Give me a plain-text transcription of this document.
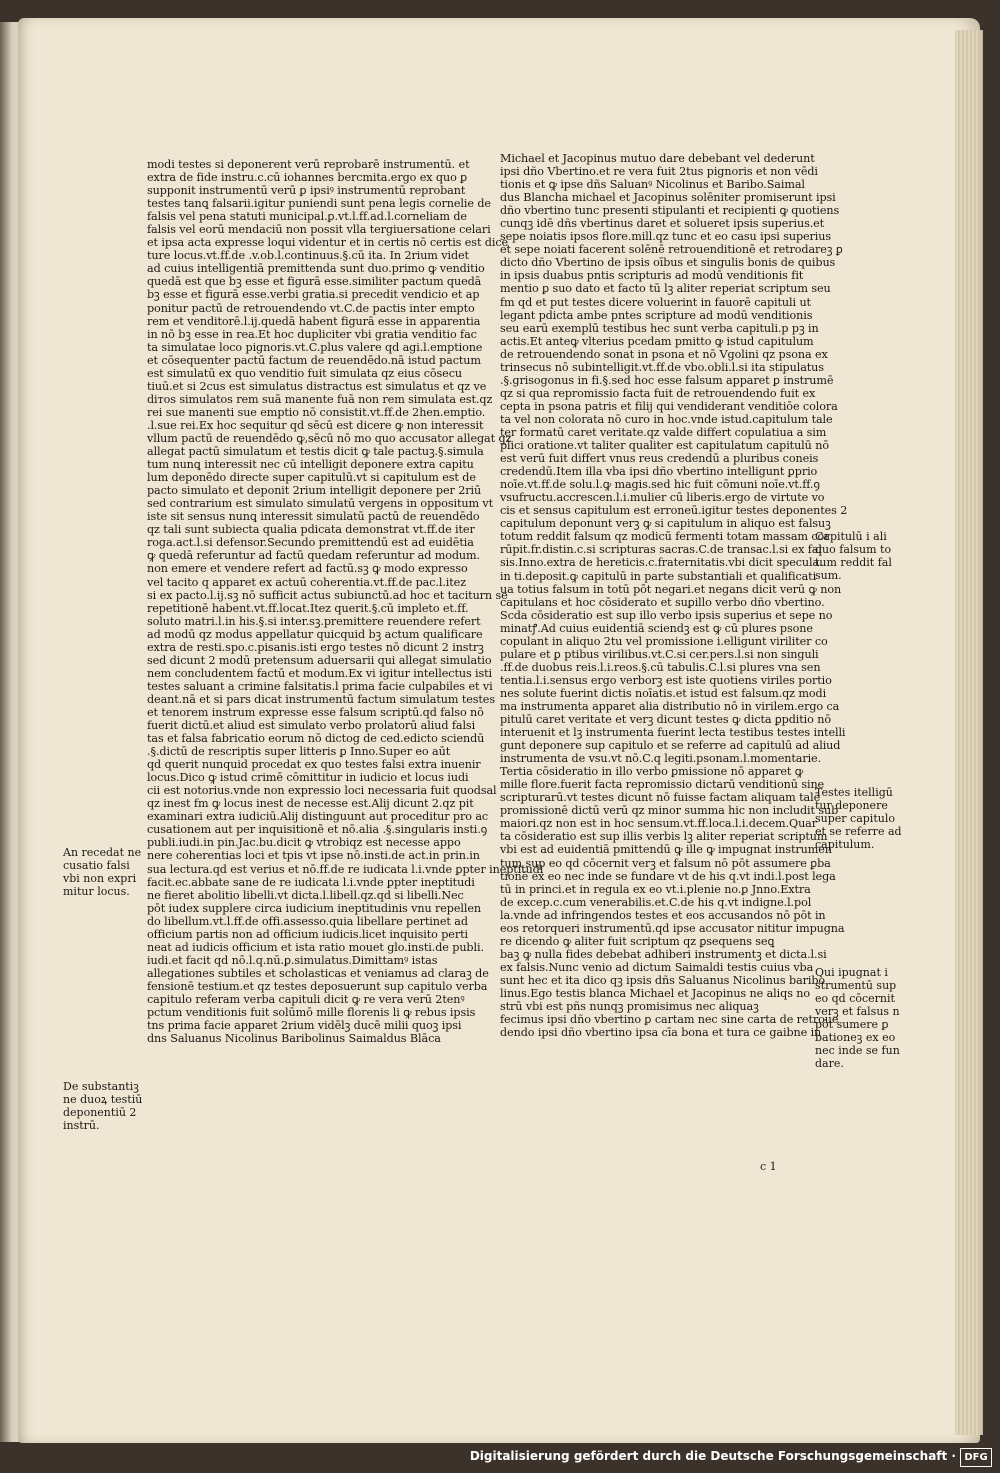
modi testes si deponerent verū reprobarē instrumentū. et
extra de fide instru.c.cū iohannes bercmita.ergo ex quo ꝑ
supponit instrumentū verū ꝑ ipsiꝰ instrumentū reprobant
testes tanꝗ falsarii.igitur puniendi sunt pena legis cornelie de
falsis vel pena statuti municipal.ꝑ.vt.l.ff.ad.l.corneliam de
falsis vel eorū mendaciū non possit vlla tergiuersatione celari
et ipsa acta expresse loqui videntur et in certis nō certis est dice
ture locus.vt.ff.de .v.ob.l.continuus.§.cū ita. In 2rium videt
ad cuius intelligentiā premittenda sunt duo.primo ꝙ venditio
quedā est que bꝫ esse et figurā esse.similiter pactum quedā
bꝫ esse et figurā esse.verbi gratia.si precedit vendicio et ap
ponitur pactū de retrouendendo vt.C.de pactis inter empto
rem et venditorē.l.ij.quedā habent figurā esse in apparentia
in nō bꝫ esse in rea.Et hoc dupliciter vbi gratia venditio fac
ta simulatae loco pignoris.vt.C.plus valere qd agi.l.emptione
et cōsequenter pactū factum de reuendēdo.nā istud pactum
est simulatū ex quo venditio fuit simulata qz eius cōsecu
tiuū.et si 2cus est simulatus distractus est simulatus et qz ve
diтos simulatos rem suā manente fuā non rem simulata est.qz
rei sue manenti sue emptio nō consistit.vt.ff.de 2hen.emptio.
.l.sue rei.Ex hoc sequitur qd sēcū est dicere ꝙ non interessit
vllum pactū de reuendēdo ꝙ,sēcū nō mo quo accusator allegat qz
allegat pactū simulatum et testis dicit ꝙ tale pactuꝫ.§.simula
tum nunꝗ interessit nec cū intelligit deponere extra capitu
lum deponēdo directe super capitulū.vt si capitulum est de
pacto simulato et deponit 2rium intelligit deponere per 2riū
sed contrarium est simulato simulatū vergens in oppositum vt
iste sit sensus nunꝗ interessit simulatū pactū de reuendēdo
qz tali sunt subiecta qualia pdicata demonstrat vt.ff.de iter
roga.act.l.si defensor.Secundo premittendū est ad euidētia
ꝙ quedā referuntur ad factū quedam referuntur ad modum.
non emere et vendere refert ad factū.sꝫ ꝙ modo expresso
vel tacito q apparet ex actuū coherentia.vt.ff.de pac.l.itez
si ex pacto.l.ij.sꝫ nō sufficit actus subiunctū.ad hoc et taciturn se
repetitionē habent.vt.ff.locat.Itez querit.§.cū impleto et.ff.
soluto matri.l.in his.§.si inter.sꝫ.premittere reuendere refert
ad modū qz modus appellatur quicquid bꝫ actum qualificare
extra de resti.spo.c.pisanis.isti ergo testes nō dicunt 2 instrꝫ
sed dicunt 2 modū pretensum aduersarii qui allegat simulatio
nem concludentem factū et modum.Ex vi igitur intellectus isti
testes saluant a crimine falsitatis.l prima facie culpabiles et vi
deant.nā et si pars dicat instrumentū factum simulatum testes
et tenorem instrum expresse esse falsum scriptū.qd falso nō
fuerit dictū.et aliud est simulato verbo prolatorū aliud falsi
tas et falsa fabricatio eorum nō dictog de ced.edicto sciendū
.§.dictū de rescriptis super litteris ꝑ Inno.Super eo aūt
qd querit nunquid procedat ex quo testes falsi extra inuenir
locus.Dico ꝙ istud crimē cōmittitur in iudicio et locus iudi
cii est notorius.vnde non expressio loci necessaria fuit quodsal
qz inest fm ꝙ locus inest de necesse est.Alij dicunt 2.qz pit
examinari extra iudiciū.Alij distinguunt aut proceditur pro ac
cusationem aut per inquisitionē et nō.alia .§.singularis insti.ꝯ
publi.iudi.in pin.Jac.bu.dicit ꝙ vtrobiqz est necesse appo
nere coherentias loci et tpis vt ipse nō.insti.de act.in prin.in
sua lectura.qd est verius et nō.ff.de re iudicata l.i.vnde ꝑpter ineptitudi
facit.ec.abbate sane de re iudicata l.i.vnde ꝑpter ineptitudi
ne fieret abolitio libelli.vt dicta.l.libell.qz.qd si libelli.Nec
pōt iudex supplere circa iudicium ineptitudinis vnu repellen
do libellum.vt.l.ff.de offi.assesso.quia libellare pertinet ad
officium partis non ad officium iudicis.licet inquisito perti
neat ad iudicis officium et ista ratio mouet glo.insti.de publi.
iudi.et facit qd nō.l.q.nū.ꝑ.simulatus.Dimittamꝰ istas
allegationes subtiles et scholasticas et veniamus ad claraꝫ de
fensionē testium.et qz testes deposuerunt sup capitulo verba
capitulo referam verba capituli dicit ꝙ re vera verū 2tenꝰ
pctum venditionis fuit solūmō mille florenis li ꝙ rebus ipsis
tns prima facie apparet 2rium vidēlꝫ ducē milii quoꝫ ipsi
dns Saluanus Nicolinus Baribolinus Saimaldus Blāca
Michael et Jacopinus mutuo dare debebant vel dederunt
ipsi dño Vbertino.et re vera fuit 2tus pignoris et non vēdi
tionis et ꝙ ipse dñs Saluanꝰ Nicolinus et Baribo.Saimal
dus Blancha michael et Jacopinus solēniter promiserunt ipsi
dño vbertino tunc presenti stipulanti et recipienti ꝙ quotiens
cunqꝫ idē dñs vbertinus daret et solueret ipsis superius.et
sepe noiatis ipsos flore.mill.qz tunc et eo casu ipsi superius
et sepe noiati facerent solēnē retrouenditionē et retrodareꝫ ꝑ
dicto dño Vbertino de ipsis oībus et singulis bonis de quibus
in ipsis duabus pntis scripturis ad modū venditionis fit
mentio ꝑ suo dato et facto tū lꝫ aliter reperiat scriptum seu
fm qd et put testes dicere voluerint in fauorē capituli ut
legant pdicta ambe pntes scripture ad modū venditionis
seu earū exemplū testibus hec sunt verba capituli.p pꝫ in
actis.Et anteꝙ vlterius pcedam pmitto ꝙ istud capitulum
de retrouendendo sonat in psona et nō Vgolini qz psona ex
trinsecus nō subintelligit.vt.ff.de vbo.obli.l.si ita stipulatus
.§.grisogonus in fi.§.sed hoc esse falsum apparet ꝑ instrumē
qz si qua repromissio facta fuit de retrouendendo fuit ex
cepta in psona patris et filij qui vendiderant venditiōe colora
ta vel non colorata nō curo in hoc.vnde istud.capitulum tale
ter formatū caret veritate.qz valde differt copulatiua a sim
plici oratione.vt taliter qualiter est capitulatum capitulū nō
est verū fuit differt vnus reus credendū a pluribus coneis
credendū.Item illa vba ipsi dño vbertino intelligunt ꝑprio
noīe.vt.ff.de solu.l.ꝙ magis.sed hic fuit cōmuni noīe.vt.ff.ꝯ
vsufructu.accrescen.l.i.mulier cū liberis.ergo de virtute vo
cis et sensus capitulum est erroneū.igitur testes deponentes 2
capitulum deponunt verꝫ ꝙ si capitulum in aliquo est falsuꝫ
totum reddit falsum qz modicū fermenti totam massam cor
rūpit.fr.distin.c.si scripturas sacras.C.de transac.l.si ex fal
sis.Inno.extra de hereticis.c.fraternitatis.vbi dicit specula.
in ti.deposit.ꝙ capitulū in parte substantiali et qualificati
ua totius falsum in totū pōt negari.et negans dicit verū ꝙ non
capitulans et hoc cōsiderato et suꝑillo verbo dño vbertino.
Scda cōsideratio est sup illo verbo ipsis superius et sepe no
minatꝭ.Ad cuius euidentiā sciendꝫ est ꝙ cū plures psone
copulant in aliquo 2tu vel promissione i.elligunt viriliter co
pulare et ꝑ ptibus virilibus.vt.C.si cer.pers.l.si non singuli
.ff.de duobus reis.l.i.reos.§.cū tabulis.C.l.si plures vna sen
tentia.l.i.sensus ergo verborꝫ est iste quotiens viriles portio
nes solute fuerint dictis noīatis.et istud est falsum.qz modi
ma instrumenta apparet alia distributio nō in virilem.ergo ca
pitulū caret veritate et verꝫ dicunt testes ꝙ dicta ꝑpditio nō
interuenit et lꝫ instrumenta fuerint lecta testibus testes intelli
gunt deponere sup capitulo et se referre ad capitulū ad aliud
instrumenta de vsu.vt nō.C.q legiti.psonam.l.momentarie.
Tertia cōsideratio in illo verbo ꝑmissione nō apparet ꝙ
mille flore.fuerit facta repromissio dictarū venditionū sine
scripturarū.vt testes dicunt nō fuisse factam aliquam talē
promissionē dictū verū qz minor summa hic non includit sub
maiori.qz non est in hoc sensum.vt.ff.loca.l.i.decem.Quar
ta cōsideratio est sup illis verbis lꝫ aliter reperiat scriptum
vbi est ad euidentiā pmittendū ꝙ ille ꝙ impugnat instrumen
tum sup eo qd cōcernit verꝫ et falsum nō pōt assumere ꝑba
tionē ex eo nec inde se fundare vt de his q.vt indi.l.post lega
tū in princi.et in regula ex eo vt.i.plenie no.ꝑ Jnno.Extra
de excep.c.cum venerabilis.et.C.de his q.vt indigne.l.pol
la.vnde ad infringendos testes et eos accusandos nō pōt in
eos retorqueri instrumentū.qd ipse accusator nititur impugna
re dicendo ꝙ aliter fuit scriptum qz ꝑsequens seꝗ
baꝫ ꝙ nulla fides debebat adhiberi instrumentꝫ et dicta.l.si
ex falsis.Nunc venio ad dictum Saimaldi testis cuius vba
sunt hec et ita dico qꝫ ipsis dñs Saluanus Nicolinus baribo
linus.Ego testis blanca Michael et Jacopinus ne aliqs no
strū vbi est pñs nunqꝫ promisimus nec aliquaꝫ
fecimus ipsi dño vbertino ꝑ cartam nec sine carta de retroue
dendo ipsi dño vbertino ipsa cīa bona et tura ce gaibne in
An recedat ne
cusatio falsi
vbi non expri
mitur locus.
De substantiꝫ
ne duoꝝ testiū
deponentiū 2
instrū.
Capitulū i ali
quo falsum to
tum reddit fal
sum.
Testes itelligū
tur deponere
super capitulo
et se referre ad
capitulum.
Qui ipugnat i
strumentū sup
eo qd cōcernit
verꝫ et falsus n
pōt sumere ꝑ
bationeꝫ ex eo
nec inde se fun
dare.
c 1
Digitalisierung gefördert durch die Deutsche Forschungsgemeinschaft · DFG
